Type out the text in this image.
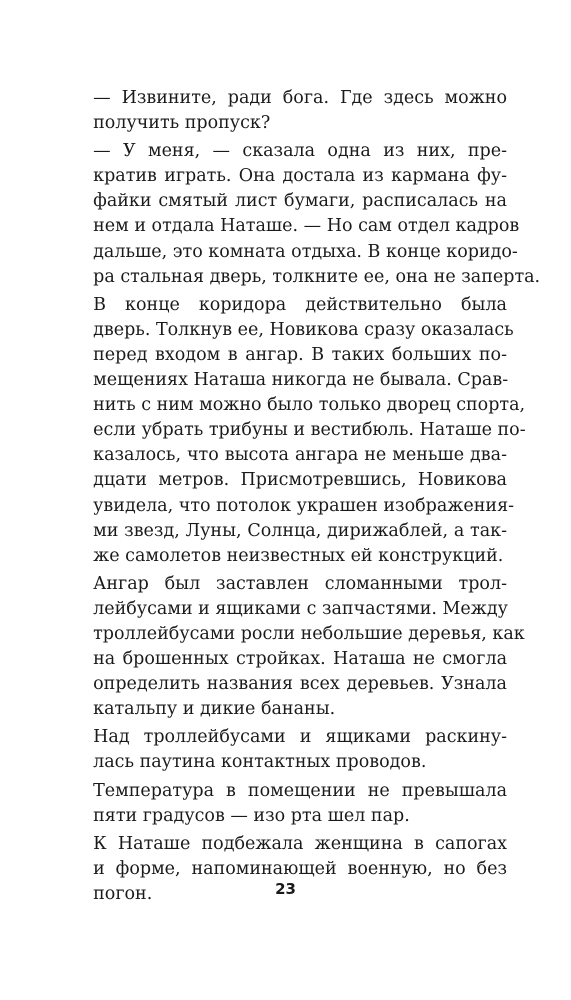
— Извините, ради бога. Где здесь можно
получить пропуск?

— У меня, — сказала одна из них, пре-
кратив играть. Она достала из кармана фу-
файки смятый лист бумаги, расписалась на
нем и отдала Наташе. — Но сам отдел кадров
дальше, это комната отдыха. В конце коридо-
ра стальная дверь, толкните ее, она не заперта.

В конце коридора действительно была
дверь. Толкнув ее, Новикова сразу оказалась
перед входом в ангар. В таких больших по-
мещениях Наташа никогда не бывала. Срав-
нить с ним можно было только дворец спорта,
если убрать трибуны и вестибюль. Наташе по-
казалось, что высота ангара не меньше два-
дцати метров. Присмотревшись, Новикова
увидела, что потолок украшен изображения-
ми звезд, Луны, Солнца, дирижаблей, а так-
же самолетов неизвестных ей конструкций.

Ангар был заставлен сломанными трол-
лейбусами и ящиками с запчастями. Между
троллейбусами росли небольшие деревья, как
на брошенных стройках. Наташа не смогла
определить названия всех деревьев. Узнала
катальпу и дикие бананы.

Над троллейбусами и ящиками раскину-
лась паутина контактных проводов.

Температура в помещении не превышала
пяти градусов — изо рта шел пар.

К Наташе подбежала женщина в сапогах
и форме, напоминающей военную, но без
погон.	23
